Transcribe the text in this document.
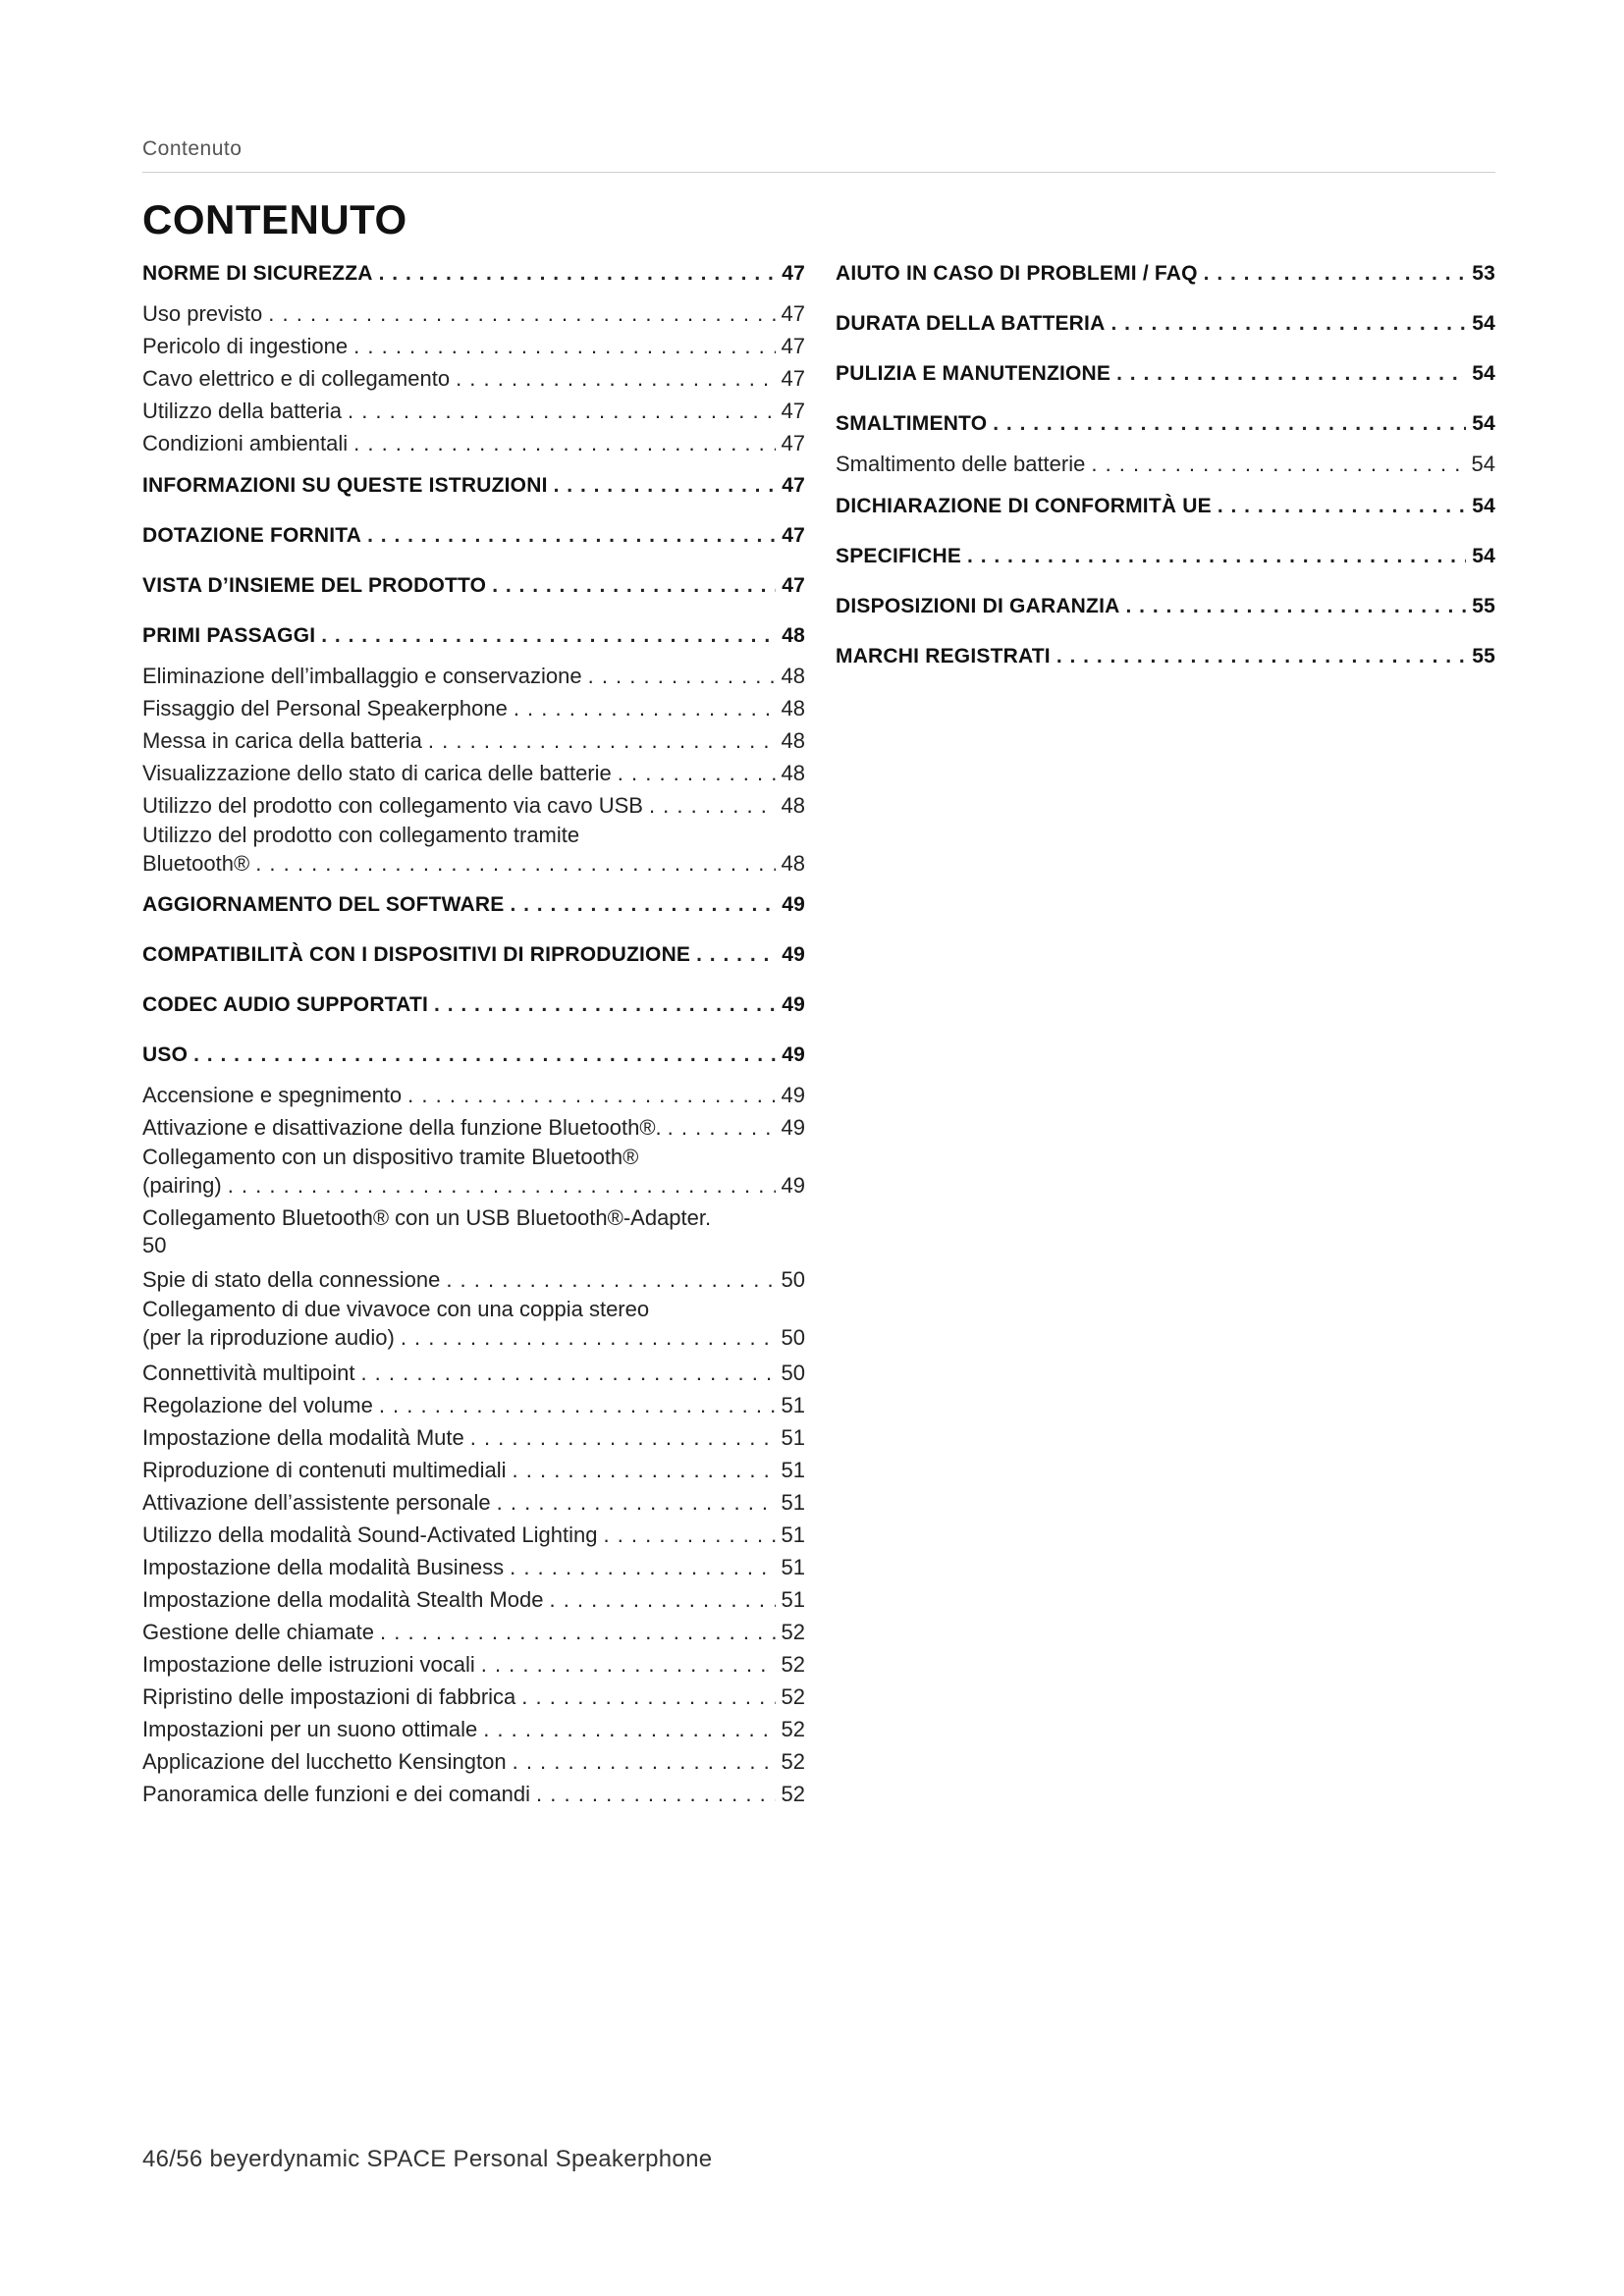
Contenuto
CONTENUTO
NORME DI SICUREZZA . . .	47
Uso previsto . . .	47
Pericolo di ingestione . . .	47
Cavo elettrico e di collegamento . . .	47
Utilizzo della batteria . . .	47
Condizioni ambientali . . .	47
INFORMAZIONI SU QUESTE ISTRUZIONI . . .	47
DOTAZIONE FORNITA . . .	47
VISTA D’INSIEME DEL PRODOTTO . . .	47
PRIMI PASSAGGI . . .	48
Eliminazione dell’imballaggio e conservazione . . .	48
Fissaggio del Personal Speakerphone . . .	48
Messa in carica della batteria . . .	48
Visualizzazione dello stato di carica delle batterie . . .	48
Utilizzo del prodotto con collegamento via cavo USB . . .	48
Utilizzo del prodotto con collegamento tramite
Bluetooth® . . .	48
AGGIORNAMENTO DEL SOFTWARE . . .	49
COMPATIBILITÀ CON I DISPOSITIVI DI RIPRODUZIONE . . .	49
CODEC AUDIO SUPPORTATI . . .	49
USO . . .	49
Accensione e spegnimento . . .	49
Attivazione e disattivazione della funzione Bluetooth®. . . .	49
Collegamento con un dispositivo tramite Bluetooth®
(pairing) . . .	49
Collegamento Bluetooth® con un USB Bluetooth®-Adapter.
50
Spie di stato della connessione . . .	50
Collegamento di due vivavoce con una coppia stereo
(per la riproduzione audio) . . .	50
Connettività multipoint . . .	50
Regolazione del volume . . .	51
Impostazione della modalità Mute . . .	51
Riproduzione di contenuti multimediali . . .	51
Attivazione dell’assistente personale . . .	51
Utilizzo della modalità Sound-Activated Lighting . . .	51
Impostazione della modalità Business . . .	51
Impostazione della modalità Stealth Mode . . .	51
Gestione delle chiamate . . .	52
Impostazione delle istruzioni vocali . . .	52
Ripristino delle impostazioni di fabbrica . . .	52
Impostazioni per un suono ottimale . . .	52
Applicazione del lucchetto Kensington . . .	52
Panoramica delle funzioni e dei comandi . . .	52
AIUTO IN CASO DI PROBLEMI / FAQ . . .	53
DURATA DELLA BATTERIA . . .	54
PULIZIA E MANUTENZIONE . . .	54
SMALTIMENTO . . .	54
Smaltimento delle batterie . . .	54
DICHIARAZIONE DI CONFORMITÀ UE . . .	54
SPECIFICHE . . .	54
DISPOSIZIONI DI GARANZIA . . .	55
MARCHI REGISTRATI . . .	55
46/56 beyerdynamic SPACE Personal Speakerphone
